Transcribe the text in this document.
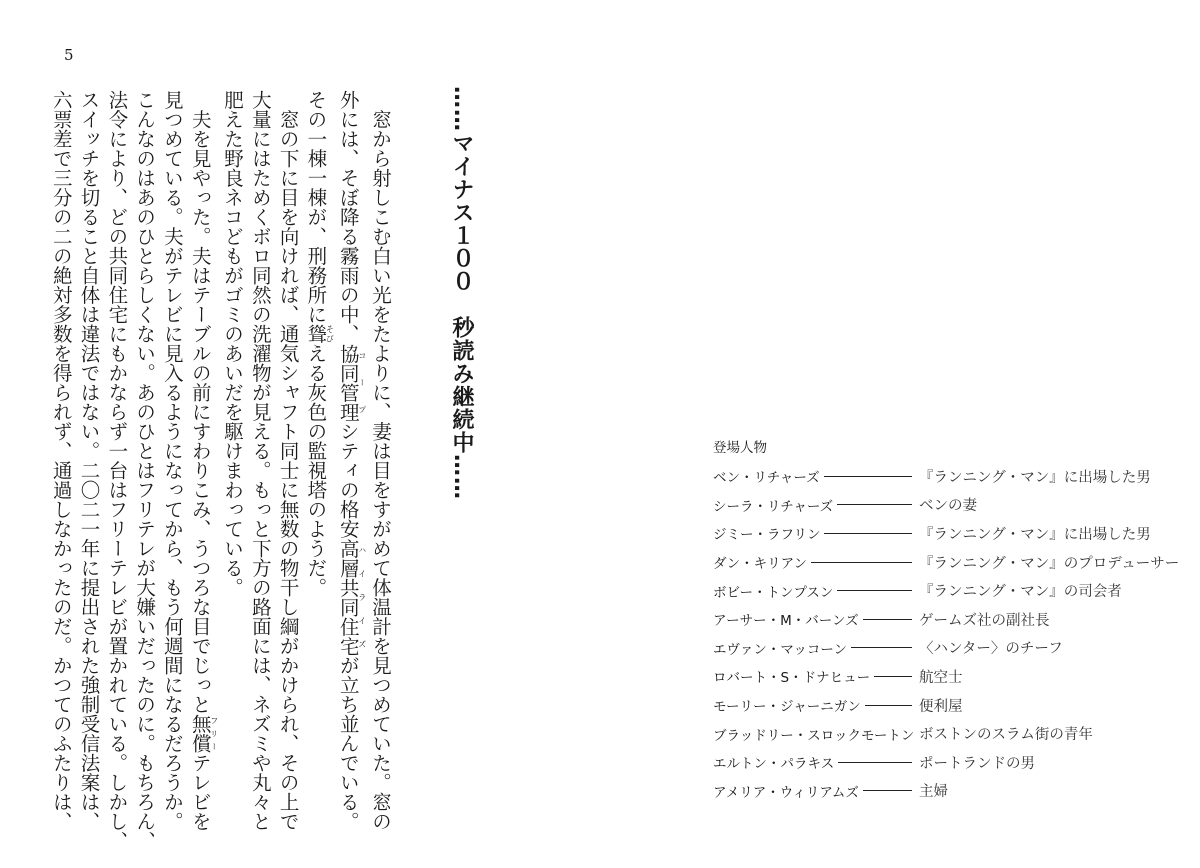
5
　窓から射しこむ白い光をたよりに、妻は目をすがめて体温計を見つめていた。窓の
外には、そぼ降る霧雨の中、協同管理コープシティの格安高層共同住宅ハイライズが立ち並んでいる。
その一棟一棟が、刑務所に聳そびえる灰色の監視塔のようだ。
　窓の下に目を向ければ、通気シャフト同士に無数の物干し綱がかけられ、その上で
大量にはためくボロ同然の洗濯物が見える。もっと下方の路面には、ネズミや丸々と
肥えた野良ネコどもがゴミのあいだを駆けまわっている。
　夫を見やった。夫はテーブルの前にすわりこみ、うつろな目でじっと無償フリーテレビを
見つめている。夫がテレビに見入るようになってから、もう何週間になるだろうか。
こんなのはあのひとらしくない。あのひとはフリテレが大嫌いだったのに。もちろん、
法令により、どの共同住宅にもかならず一台はフリーテレビが置かれている。しかし、
スイッチを切ること自体は違法ではない。二〇二一年に提出された強制受信法案は、
六票差で三分の二の絶対多数を得られず、通過しなかったのだ。かつてのふたりは、	……マイナス１００　秒読み継続中……	登場人物
ベン・リチャーズ	『ランニング・マン』に出場した男
シーラ・リチャーズ	ベンの妻
ジミー・ラフリン	『ランニング・マン』に出場した男
ダン・キリアン	『ランニング・マン』のプロデューサー
ボビー・トンプスン	『ランニング・マン』の司会者
アーサー・M・バーンズ	ゲームズ社の副社長
エヴァン・マッコーン	〈ハンター〉のチーフ
ロバート・S・ドナヒュー	航空士
モーリー・ジャーニガン	便利屋
ブラッドリー・スロックモートン ボストンのスラム街の青年
エルトン・パラキス	ポートランドの男
アメリア・ウィリアムズ	主婦
